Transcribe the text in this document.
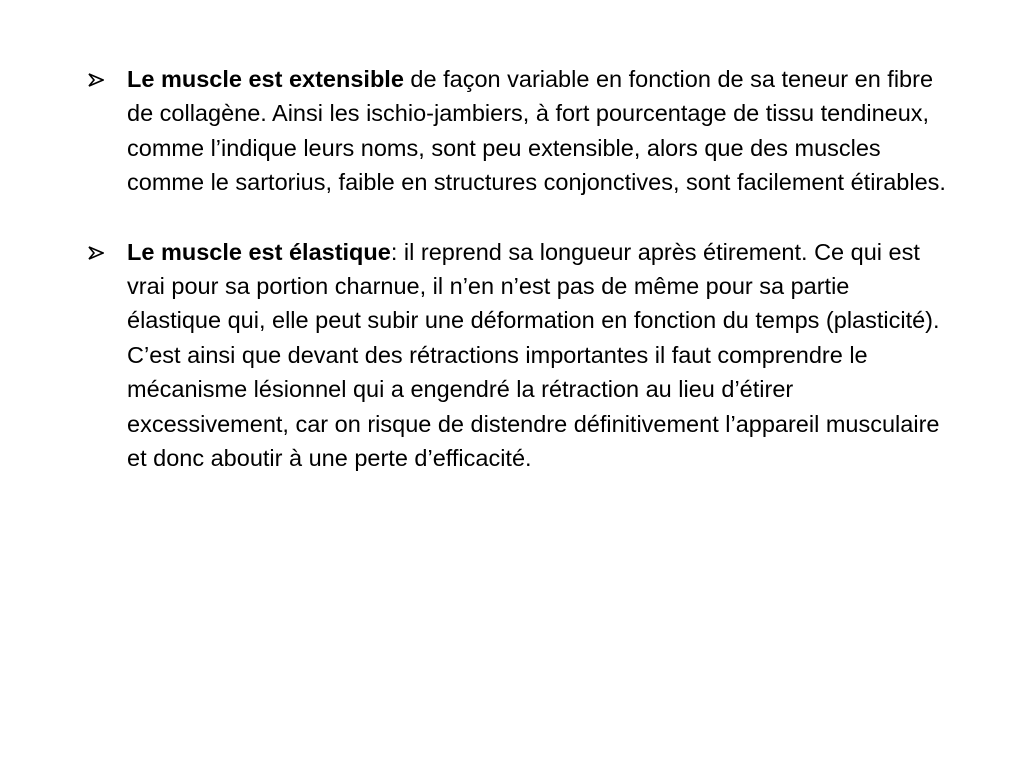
Le muscle est extensible de façon variable en fonction de sa teneur en fibre de collagène. Ainsi les ischio-jambiers, à fort pourcentage de tissu tendineux, comme l’indique leurs noms, sont peu extensible, alors que des muscles comme le sartorius, faible en structures conjonctives, sont facilement étirables.
Le muscle est élastique: il reprend sa longueur après étirement. Ce qui est vrai pour sa portion charnue, il n’en n’est pas de même pour sa partie élastique qui, elle peut subir une déformation en fonction du temps (plasticité). C’est ainsi que devant des rétractions importantes il faut comprendre le mécanisme lésionnel qui a engendré la rétraction au lieu d’étirer excessivement, car on risque de distendre définitivement l’appareil musculaire et donc aboutir à une perte d’efficacité.
